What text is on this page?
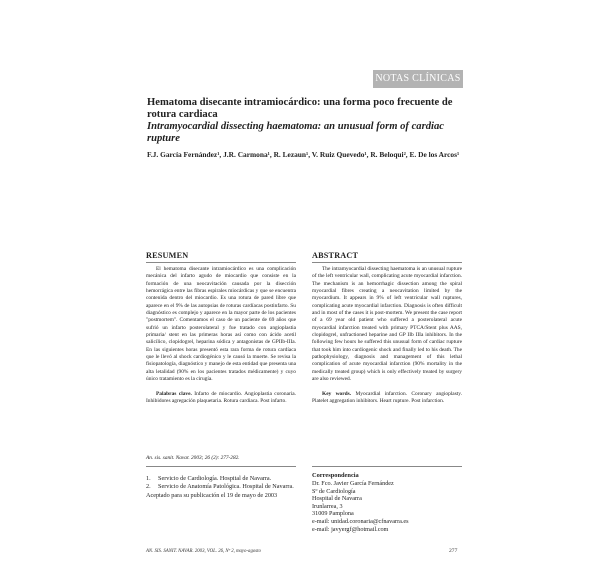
NOTAS CLÍNICAS
Hematoma disecante intramiocárdico: una forma poco frecuente de rotura cardiaca
Intramyocardial dissecting haematoma: an unusual form of cardiac rupture
F.J. García Fernández¹, J.R. Carmona¹, R. Lezaun¹, V. Ruiz Quevedo¹, R. Beloqui², E. De los Arcos¹
RESUMEN

El hematoma disecante intramiocárdico es una complicación mecánica del infarto agudo de miocardio que consiste en la formación de una neocavitación causada por la disección hemorrágica entre las fibras espirales miocárdicas y que se encuentra contenida dentro del miocardio. Es una rotura de pared libre que aparece en el 9% de las autopsias de roturas cardíacas postinfarto. Su diagnóstico es complejo y aparece en la mayor parte de los pacientes "postmortem". Comentamos el caso de un paciente de 69 años que sufrió un infarto posterolateral y fue tratado con angioplastia primaria/ stent en las primeras horas así como con ácido acetil salicílico, clopidogrel, heparina sódica y antagonistas de GPIIb-IIIa. En las siguientes horas presentó esta rara forma de rotura cardíaca que le llevó al shock cardiogénico y le causó la muerte. Se revisa la fisiopatología, diagnóstico y manejo de esta entidad que presenta una alta letalidad (90% en los pacientes tratados médicamente) y cuyo único tratamiento es la cirugía.

Palabras clave. Infarto de miocardio. Angioplastia coronaria. Inhibidores agregación plaquetaria. Rotura cardiaca. Post infarto.

ABSTRACT

The intramyocardial dissecting haematoma is an unusual rupture of the left ventricular wall, complicating acute myocardial infarction. The mechanism is an hemorrhagic dissection among the spiral myocardial fibres creating a neocavitation limited by the myocardium. It appears in 9% of left ventricular wall ruptures, complicating acute myocardial infarction. Diagnosis is often difficult and in most of the cases it is post-mortem. We present the case report of a 69 year old patient who suffered a posterolateral acute myocardial infarction treated with primary PTCA/Stent plus AAS, clopidogrel, unfractioned heparine and GP IIb IIIa inhibitors. In the following few hours he suffered this unusual form of cardiac rupture that took him into cardiogenic shock and finally led to his death. The pathophysiology, diagnosis and management of this lethal complication of acute myocardial infarction (90% mortality in the medically treated group) which is only effectively treated by surgery are also reviewed.

Key words. Myocardial infarction. Coronary angioplasty. Platelet aggregation inhibitors. Heart rupture. Post infarction.

An. sis. sanit. Navar. 2003; 26 (2): 277-282.
1.	Servicio de Cardiología. Hospital de Navarra.
2.	Servicio de Anatomía Patológica. Hospital de Navarra.
Aceptado para su publicación el 19 de mayo de 2003
Correspondencia
Dr. Fco. Javier García Fernández
Sº de Cardiología
Hospital de Navarra
Irunlarrea, 3
31009 Pamplona
e-mail: unidad.coronaria@cfnavarra.es
e-mail: javyergf@hotmail.com
AN. SIS. SANIT. NAVAR. 2003, VOL. 26, Nº 2, mayo-agosto	277
